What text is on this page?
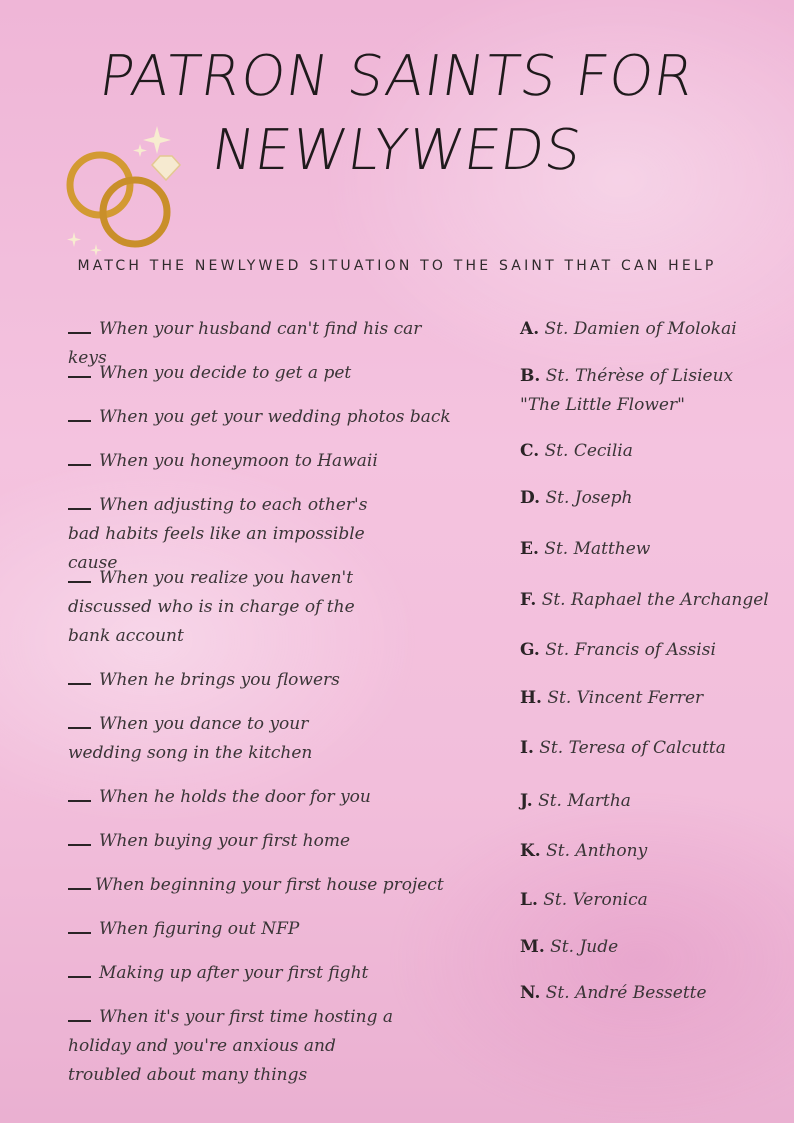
PATRON SAINTS FOR
NEWLYWEDS
MATCH THE NEWLYWED SITUATION TO THE SAINT THAT CAN HELP
When your husband can't find his car keys
When you decide to get a pet
When you get your wedding photos back
When you honeymoon to Hawaii
When adjusting to each other's bad habits feels like an impossible cause
When you realize you haven't discussed who is in charge of the bank account
When he brings you flowers
When you dance to your wedding song in the kitchen
When he holds the door for you
When buying your first home
When beginning your first house project
When figuring out NFP
Making up after your first fight
When it's your first time hosting a holiday and you're anxious and troubled about many things
A. St. Damien of Molokai
B. St. Thérèse of Lisieux "The Little Flower"
C. St. Cecilia
D. St. Joseph
E. St. Matthew
F. St. Raphael the Archangel
G. St. Francis of Assisi
H. St. Vincent Ferrer
I. St. Teresa of Calcutta
J. St. Martha
K. St. Anthony
L. St. Veronica
M. St. Jude
N. St. André Bessette
